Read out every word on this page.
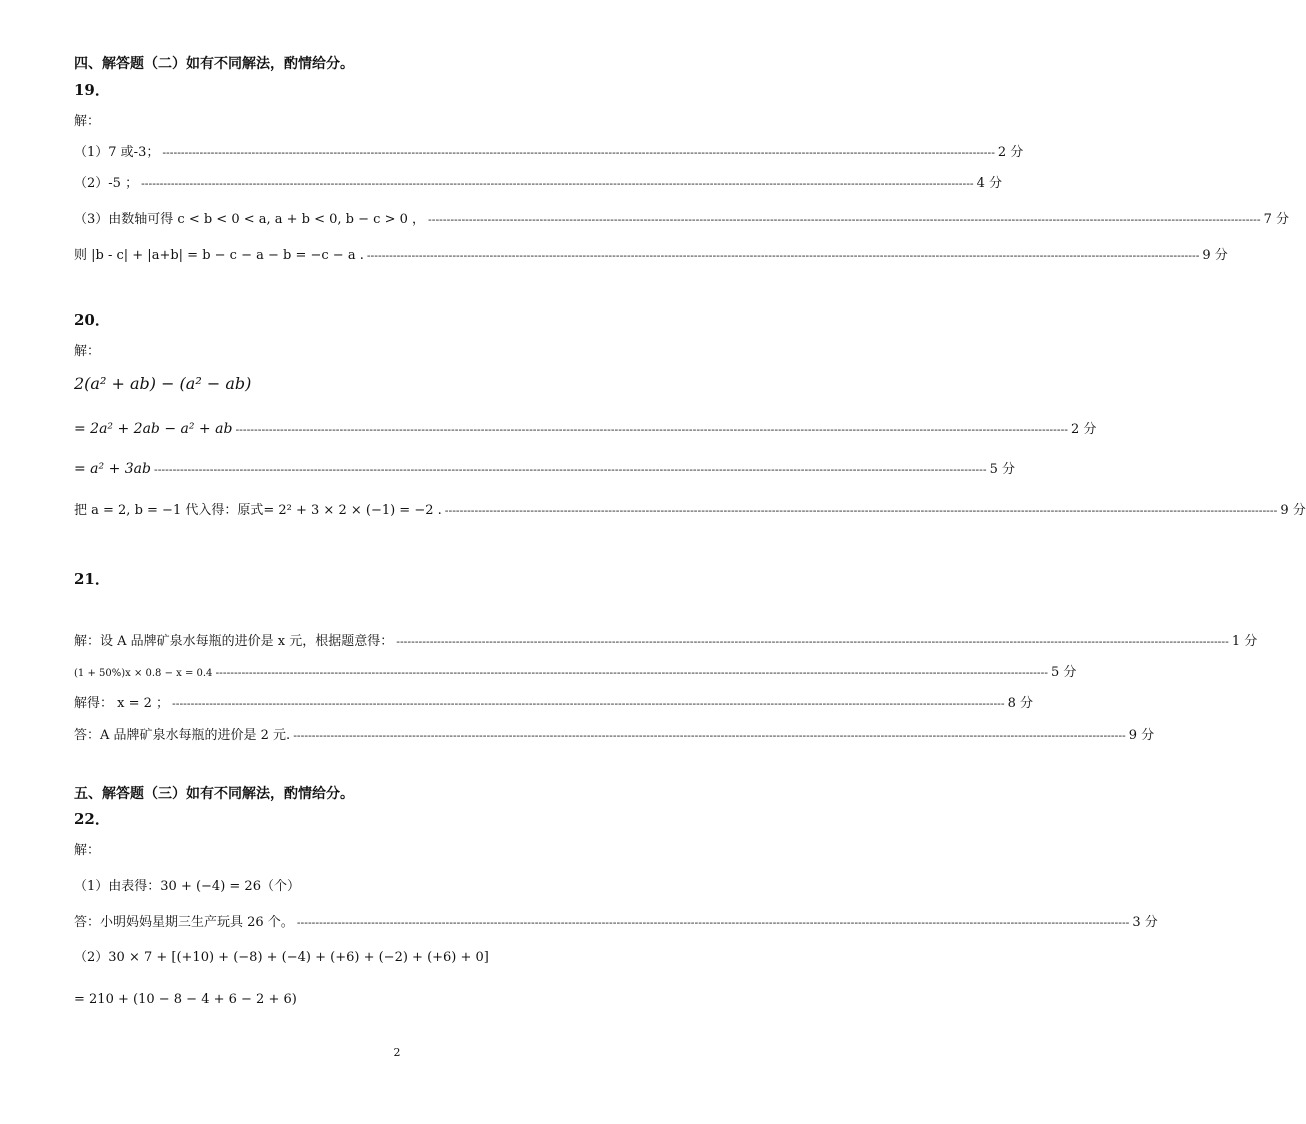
四、解答题（二）如有不同解法，酌情给分。
19．
解：
（1）7 或-3； -------------------------------------------------------------------------------------------------------------------------------------------------------------------------------------------------------------------------------- 2 分
（2）-5 ； -------------------------------------------------------------------------------------------------------------------------------------------------------------------------------------------------------------------------------- 4 分
（3）由数轴可得 c < b < 0 < a, a + b < 0, b − c > 0 ， -------------------------------------------------------------------------------------------------------------------------------------------------------------------------------------------------------------------------------- 7 分
则 |b - c| + |a+b| = b − c − a − b = −c − a . -------------------------------------------------------------------------------------------------------------------------------------------------------------------------------------------------------------------------------- 9 分
20．
解：
2(a² + ab) − (a² − ab)
= 2a² + 2ab − a² + ab -------------------------------------------------------------------------------------------------------------------------------------------------------------------------------------------------------------------------------- 2 分
= a² + 3ab -------------------------------------------------------------------------------------------------------------------------------------------------------------------------------------------------------------------------------- 5 分
把 a = 2, b = −1 代入得：原式= 2² + 3 × 2 × (−1) = −2 . -------------------------------------------------------------------------------------------------------------------------------------------------------------------------------------------------------------------------------- 9 分
21．
解：设 A 品牌矿泉水每瓶的进价是 x 元，根据题意得： -------------------------------------------------------------------------------------------------------------------------------------------------------------------------------------------------------------------------------- 1 分
(1 + 50%)x × 0.8 − x = 0.4 -------------------------------------------------------------------------------------------------------------------------------------------------------------------------------------------------------------------------------- 5 分
解得： x = 2 ； -------------------------------------------------------------------------------------------------------------------------------------------------------------------------------------------------------------------------------- 8 分
答：A 品牌矿泉水每瓶的进价是 2 元. -------------------------------------------------------------------------------------------------------------------------------------------------------------------------------------------------------------------------------- 9 分
五、解答题（三）如有不同解法，酌情给分。
22．
解：
（1）由表得：30 + (−4) = 26（个）
答：小明妈妈星期三生产玩具 26 个。 -------------------------------------------------------------------------------------------------------------------------------------------------------------------------------------------------------------------------------- 3 分
（2）30 × 7 + [(+10) + (−8) + (−4) + (+6) + (−2) + (+6) + 0]
= 210 + (10 − 8 − 4 + 6 − 2 + 6)
2
